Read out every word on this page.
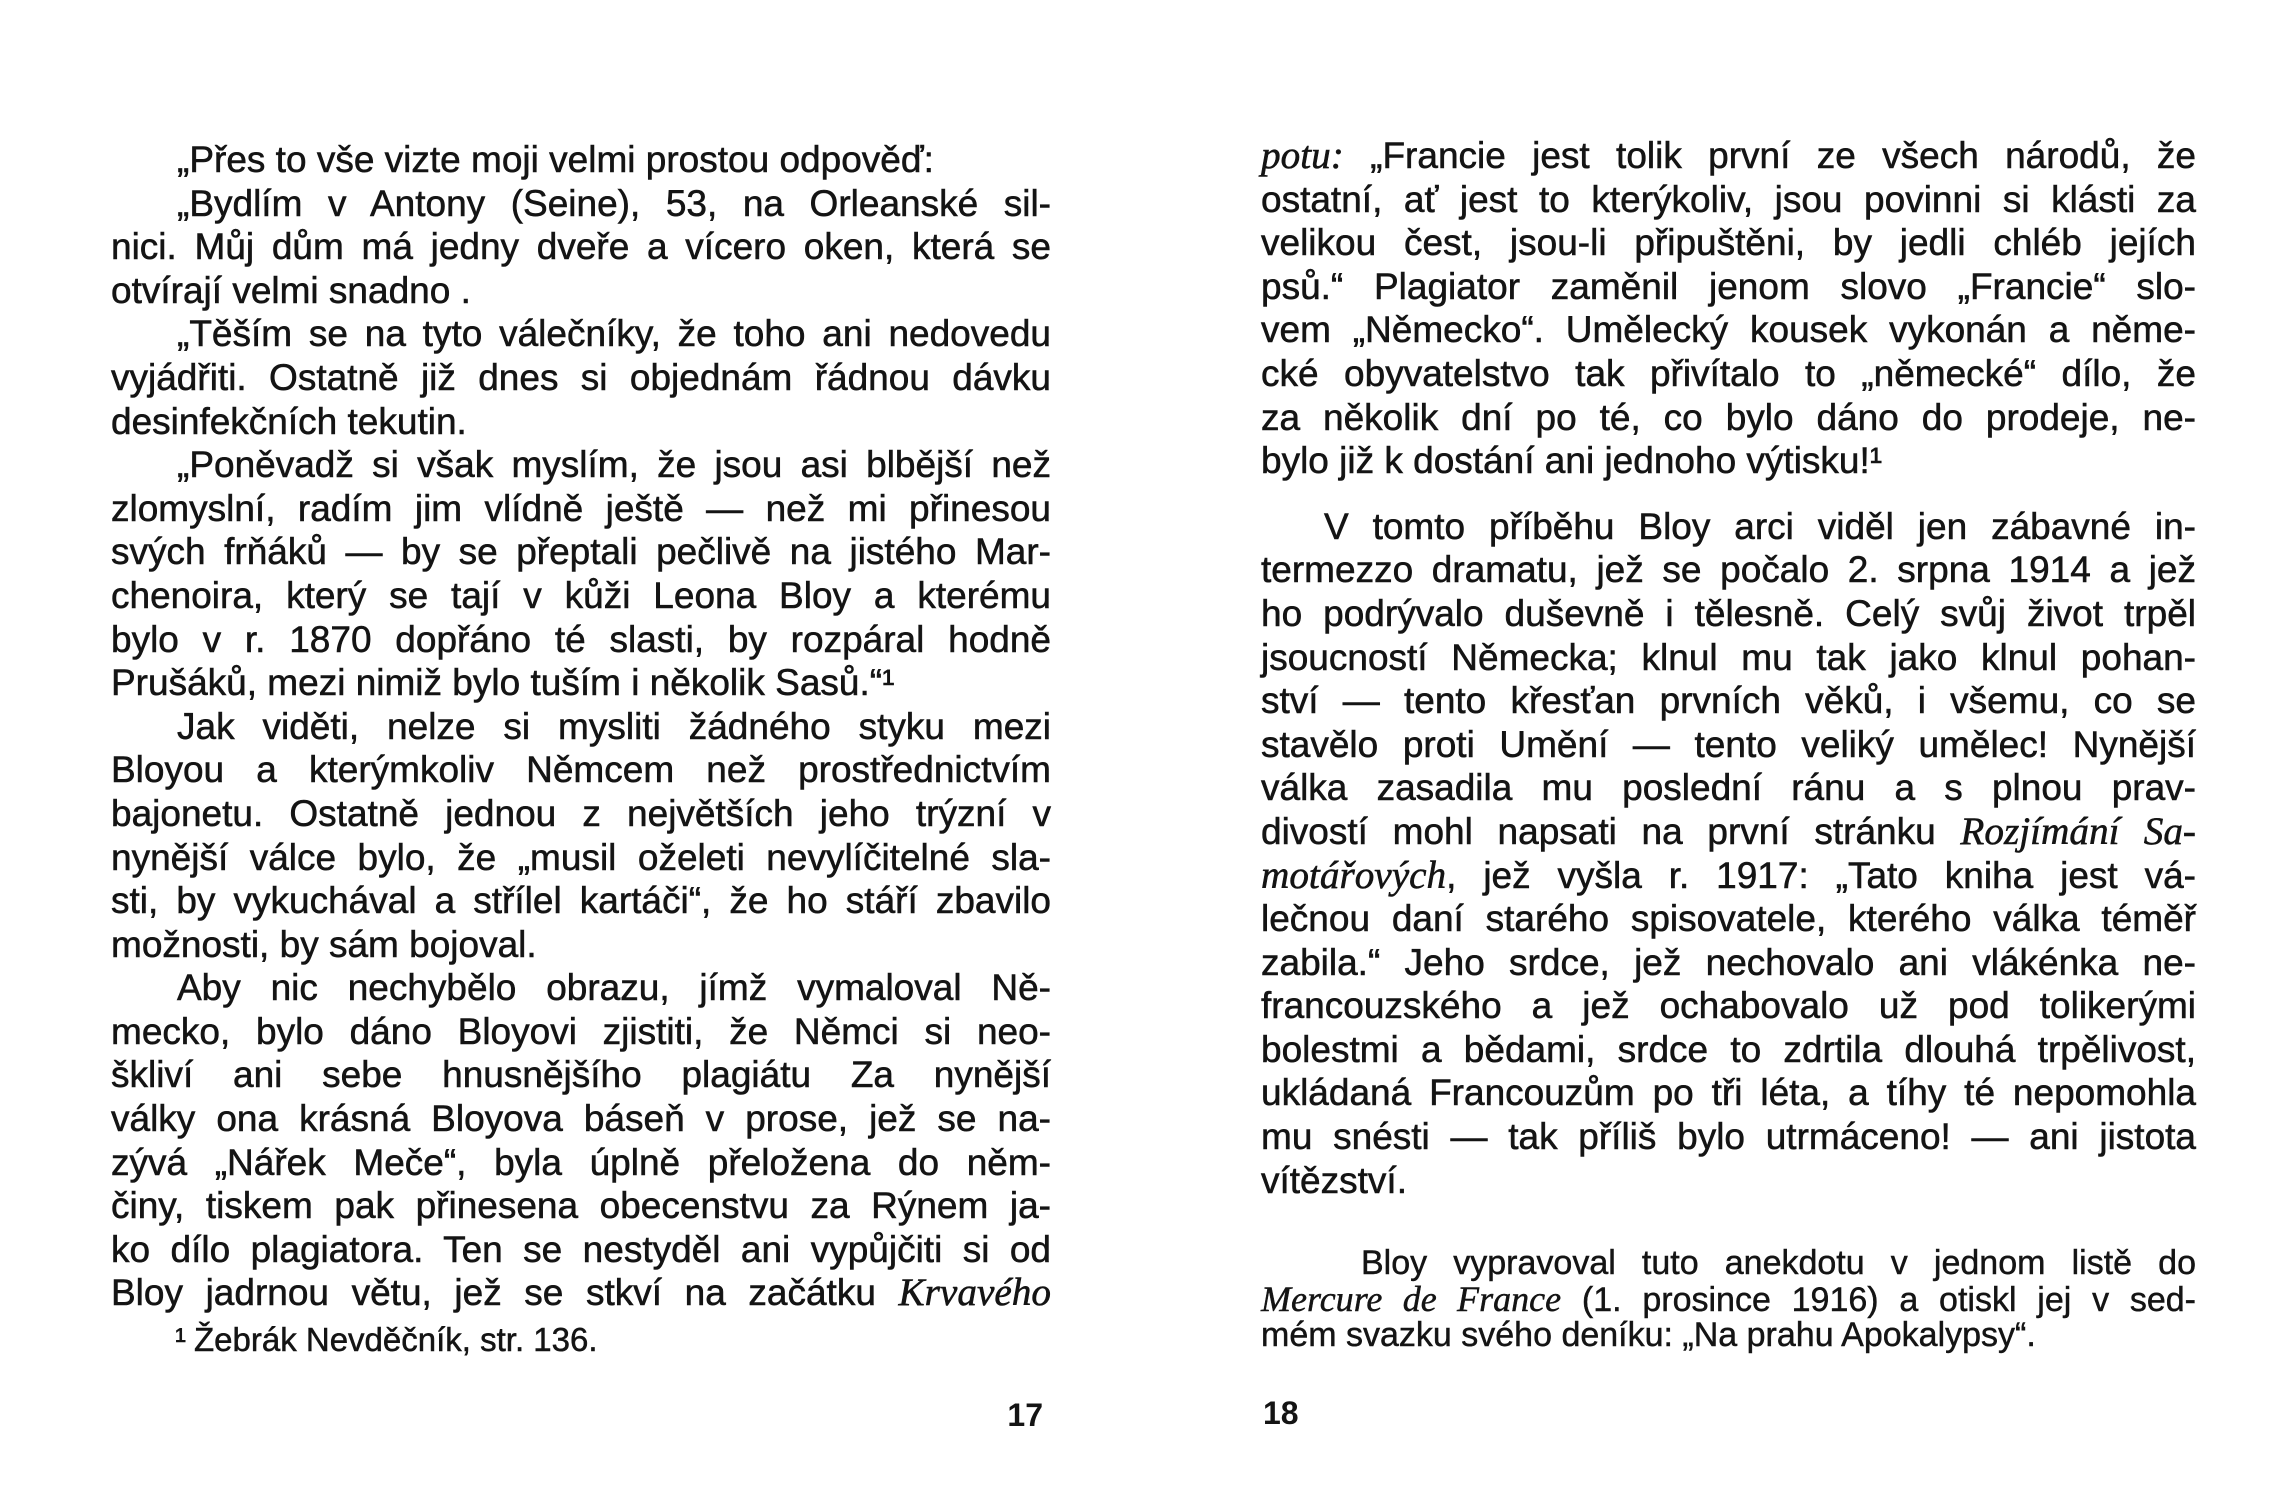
„Přes to vše vizte moji velmi prostou odpověď:
„Bydlím v Antony (Seine), 53, na Orleanské sil-
nici. Můj dům má jedny dveře a vícero oken, která se
otvírají velmi snadno .
„Těším se na tyto válečníky, že toho ani nedovedu
vyjádřiti. Ostatně již dnes si objednám řádnou dávku
desinfekčních tekutin.
„Poněvadž si však myslím, že jsou asi blbější než
zlomyslní, radím jim vlídně ještě — než mi přinesou
svých frňáků — by se přeptali pečlivě na jistého Mar-
chenoira, který se tají v kůži Leona Bloy a kterému
bylo v r. 1870 dopřáno té slasti, by rozpáral hodně
Prušáků, mezi nimiž bylo tuším i několik Sasů.“¹
Jak viděti, nelze si mysliti žádného styku mezi
Bloyou a kterýmkoliv Němcem než prostřednictvím
bajonetu. Ostatně jednou z největších jeho trýzní v
nynější válce bylo, že „musil oželeti nevylíčitelné sla-
sti, by vykuchával a střílel kartáči“, že ho stáří zbavilo
možnosti, by sám bojoval.
Aby nic nechybělo obrazu, jímž vymaloval Ně-
mecko, bylo dáno Bloyovi zjistiti, že Němci si neo-
škliví ani sebe hnusnějšího plagiátu Za nynější
války ona krásná Bloyova báseň v prose, jež se na-
zývá „Nářek Meče“, byla úplně přeložena do něm-
činy, tiskem pak přinesena obecenstvu za Rýnem ja-
ko dílo plagiatora. Ten se nestyděl ani vypůjčiti si od
Bloy jadrnou větu, jež se stkví na začátku Krvavého
¹ Žebrák Nevděčník, str. 136.
17
potu: „Francie jest tolik první ze všech národů, že
ostatní, ať jest to kterýkoliv, jsou povinni si klásti za
velikou čest, jsou-li připuštěni, by jedli chléb jejích
psů.“ Plagiator zaměnil jenom slovo „Francie“ slo-
vem „Německo“. Umělecký kousek vykonán a něme-
cké obyvatelstvo tak přivítalo to „německé“ dílo, že
za několik dní po té, co bylo dáno do prodeje, ne-
bylo již k dostání ani jednoho výtisku!¹
V tomto příběhu Bloy arci viděl jen zábavné in-
termezzo dramatu, jež se počalo 2. srpna 1914 a jež
ho podrývalo duševně i tělesně. Celý svůj život trpěl
jsoucností Německa; klnul mu tak jako klnul pohan-
ství — tento křesťan prvních věků, i všemu, co se
stavělo proti Umění — tento veliký umělec! Nynější
válka zasadila mu poslední ránu a s plnou prav-
divostí mohl napsati na první stránku Rozjímání Sa-
motářových, jež vyšla r. 1917: „Tato kniha jest vá-
lečnou daní starého spisovatele, kterého válka téměř
zabila.“ Jeho srdce, jež nechovalo ani vlákénka ne-
francouzského a jež ochabovalo už pod tolikerými
bolestmi a bědami, srdce to zdrtila dlouhá trpělivost,
ukládaná Francouzům po tři léta, a tíhy té nepomohla
mu snésti — tak příliš bylo utrmáceno! — ani jistota
vítězství.
Bloy vypravoval tuto anekdotu v jednom listě do
Mercure de France (1. prosince 1916) a otiskl jej v sed-
mém svazku svého deníku: „Na prahu Apokalypsy“.
18
